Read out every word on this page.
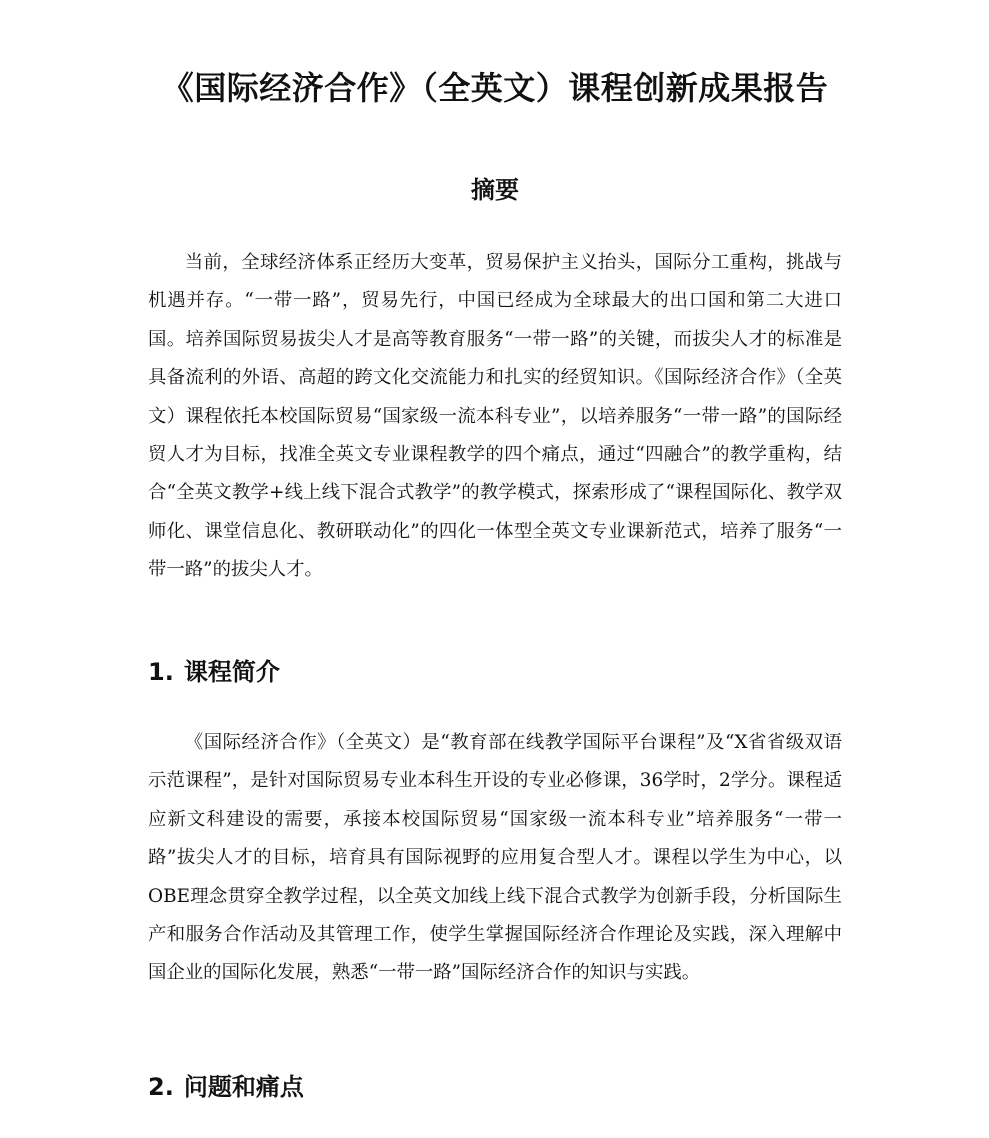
《国际经济合作》（全英文）课程创新成果报告
摘要

当前，全球经济体系正经历大变革，贸易保护主义抬头，国际分工重构，挑战与机遇并存。“一带一路”，贸易先行，中国已经成为全球最大的出口国和第二大进口国。培养国际贸易拔尖人才是高等教育服务“一带一路”的关键，而拔尖人才的标准是具备流利的外语、高超的跨文化交流能力和扎实的经贸知识。《国际经济合作》（全英文）课程依托本校国际贸易“国家级一流本科专业”，以培养服务“一带一路”的国际经贸人才为目标，找准全英文专业课程教学的四个痛点，通过“四融合”的教学重构，结合“全英文教学+线上线下混合式教学”的教学模式，探索形成了“课程国际化、教学双师化、课堂信息化、教研联动化”的四化一体型全英文专业课新范式，培养了服务“一带一路”的拔尖人才。

1. 课程简介

《国际经济合作》（全英文）是“教育部在线教学国际平台课程”及“X省省级双语示范课程”，是针对国际贸易专业本科生开设的专业必修课，36学时，2学分。课程适应新文科建设的需要，承接本校国际贸易“国家级一流本科专业”培养服务“一带一路”拔尖人才的目标，培育具有国际视野的应用复合型人才。课程以学生为中心，以OBE理念贯穿全教学过程，以全英文加线上线下混合式教学为创新手段，分析国际生产和服务合作活动及其管理工作，使学生掌握国际经济合作理论及实践，深入理解中国企业的国际化发展，熟悉“一带一路”国际经济合作的知识与实践。

2. 问题和痛点
